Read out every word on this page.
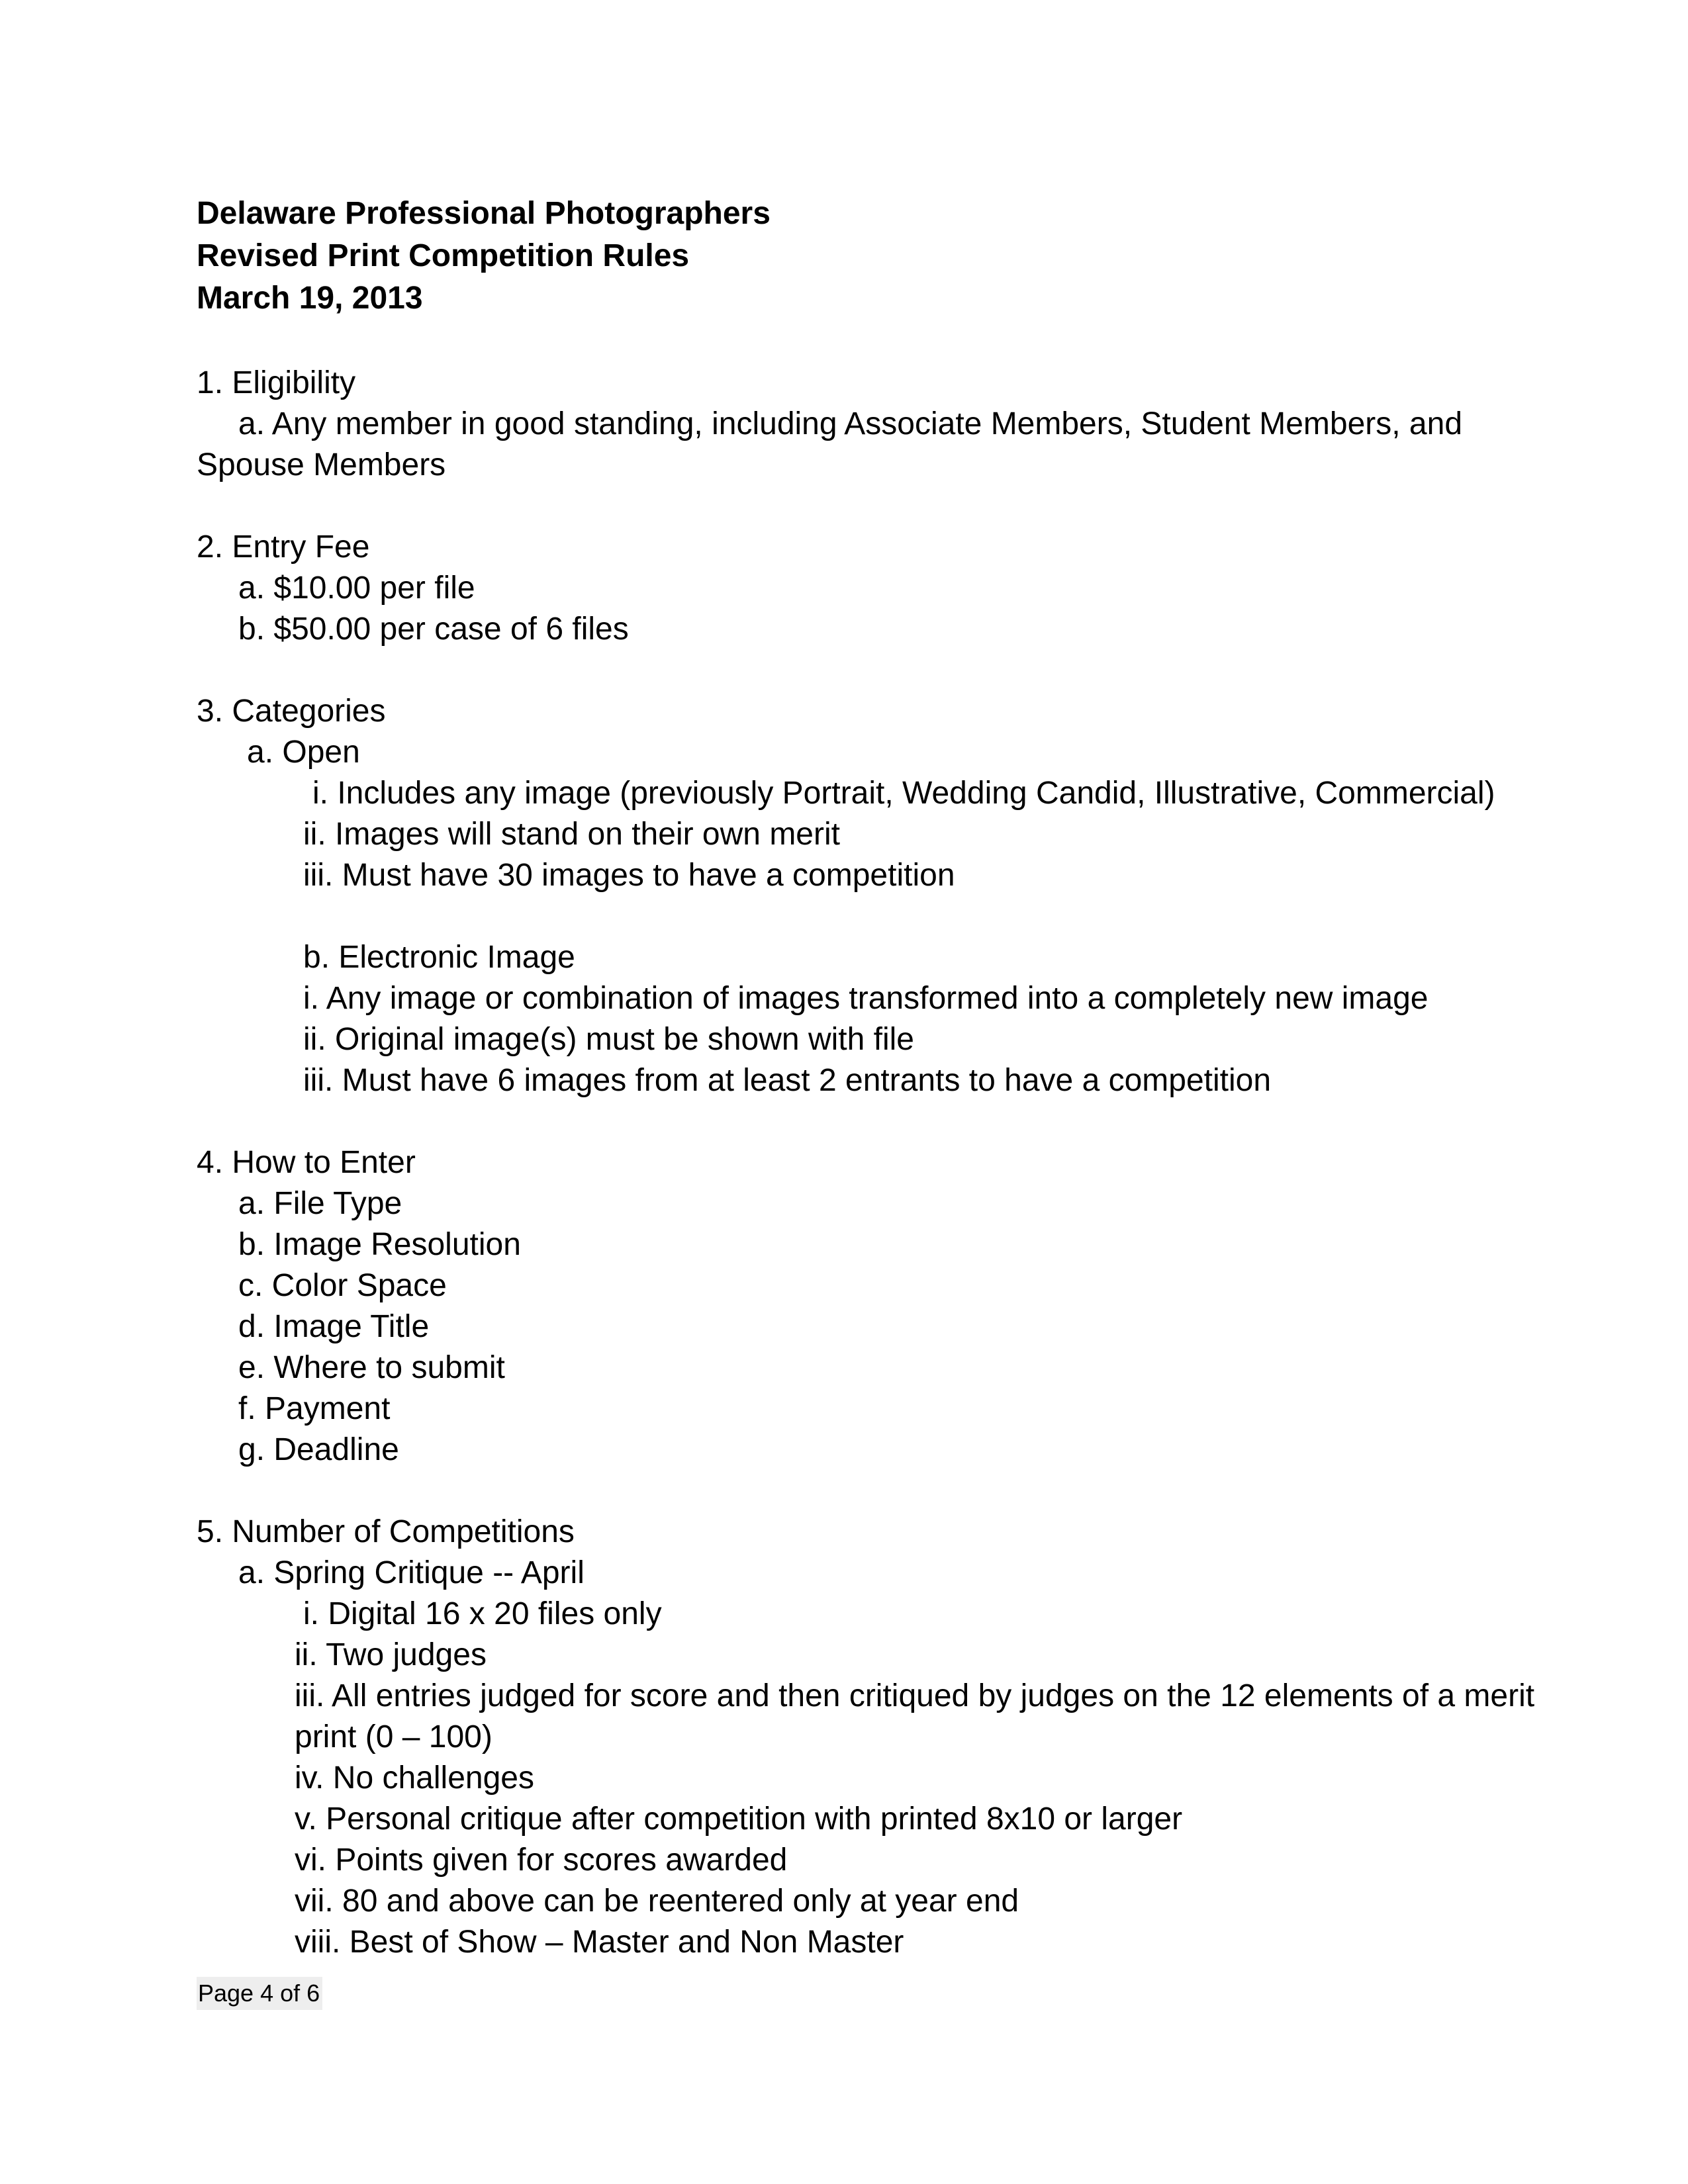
Delaware Professional Photographers
Revised Print Competition Rules
March 19, 2013
1. Eligibility
a. Any member in good standing, including Associate Members, Student Members, and
Spouse Members
2. Entry Fee
a. $10.00 per file
b. $50.00 per case of 6 files
3. Categories
a. Open
i. Includes any image (previously Portrait, Wedding Candid, Illustrative, Commercial)
ii. Images will stand on their own merit
iii. Must have 30 images to have a competition
b. Electronic Image
i. Any image or combination of images transformed into a completely new image
ii. Original image(s) must be shown with file
iii. Must have 6 images from at least 2 entrants to have a competition
4. How to Enter
a. File Type
b. Image Resolution
c. Color Space
d. Image Title
e. Where to submit
f. Payment
g. Deadline
5. Number of Competitions
a. Spring Critique -- April
i. Digital 16 x 20 files only
ii. Two judges
iii. All entries judged for score and then critiqued by judges on the 12 elements of a merit
print (0 – 100)
iv. No challenges
v. Personal critique after competition with printed 8x10 or larger
vi. Points given for scores awarded
vii. 80 and above can be reentered only at year end
viii. Best of Show – Master and Non Master
Page 4 of 6
